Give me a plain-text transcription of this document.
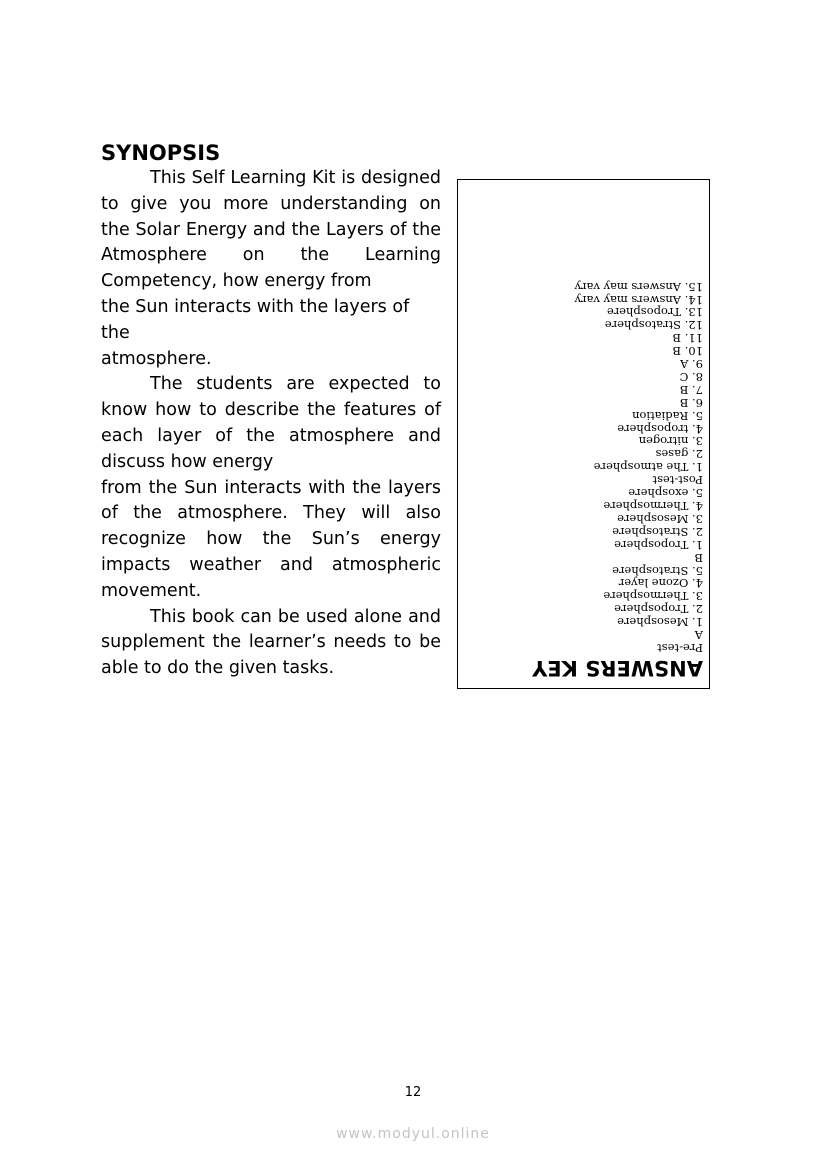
SYNOPSIS

This Self Learning Kit is designed to give you more understanding on the Solar Energy and the Layers of the Atmosphere on the Learning Competency, how energy from

the Sun interacts with the layers of the

atmosphere.

The students are expected to know how to describe the features of each layer of the atmosphere and discuss how energy

from the Sun interacts with the layers of the atmosphere. They will also recognize how the Sun’s energy impacts weather and atmospheric movement.

This book can be used alone and supplement the learner’s needs to be able to do the given tasks.	ANSWERS KEY
Pre-test
A
1. Mesosphere
2. Troposphere
3. Thermosphere
4. Ozone layer
5. Stratosphere
B
1. Troposphere
2. Stratosphere
3. Mesosphere
4. Thermosphere
5. exosphere
Post-test
1. The atmosphere
2. gases
3. nitrogen
4. troposphere
5. Radiation
6. B
7. B
8. C
9. A
10. B
11. B
12. Stratosphere
13. Troposphere
14. Answers may vary
15. Answers may vary
12
www.modyul.online
